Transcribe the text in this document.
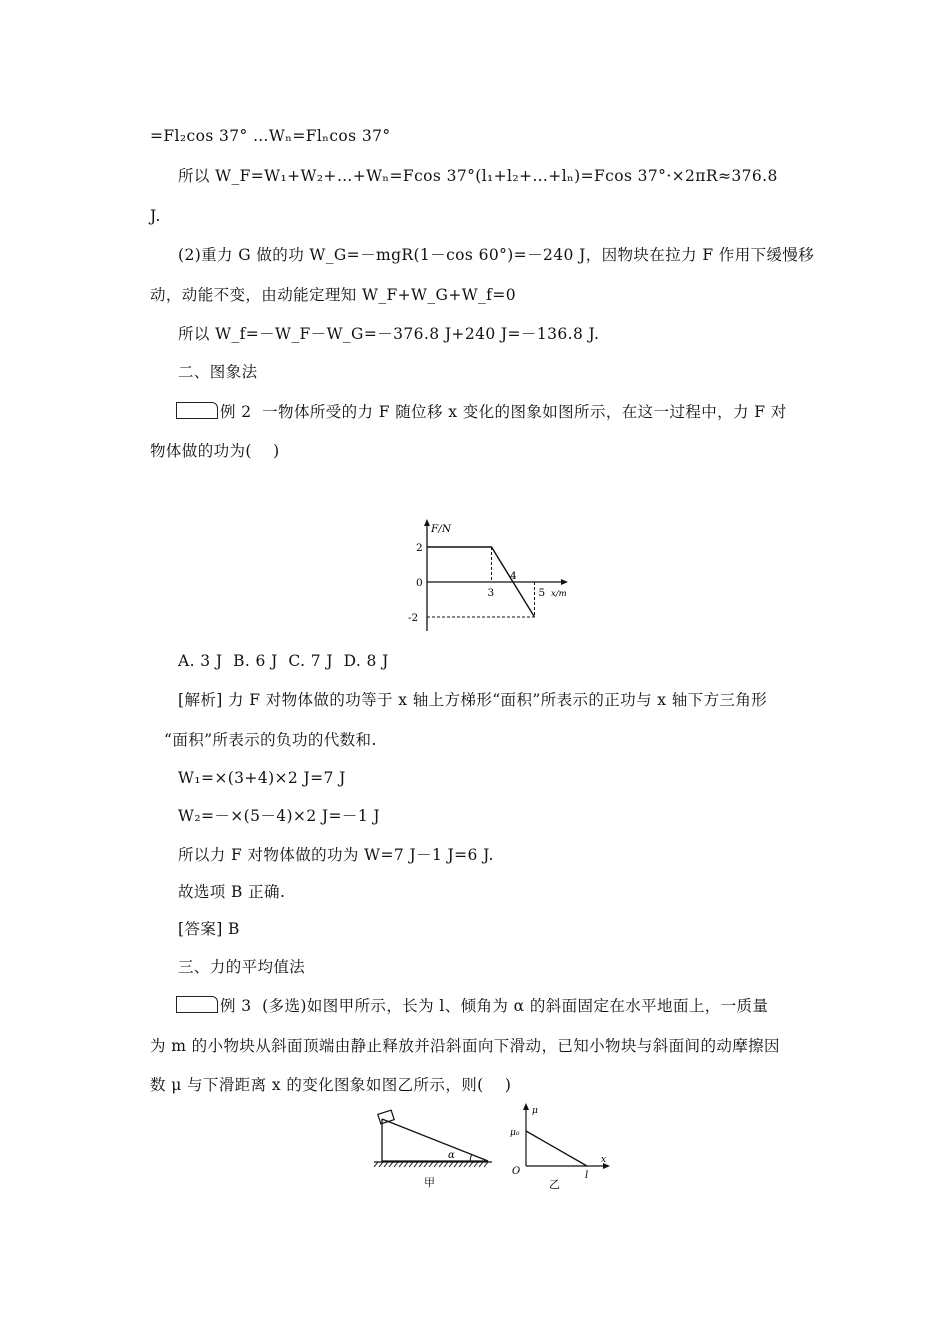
=Fl₂cos 37° …Wₙ=Flₙcos 37°
所以 W_F=W₁+W₂+…+Wₙ=Fcos 37°(l₁+l₂+…+lₙ)=Fcos 37°·×2πR≈376.8
J.
(2)重力 G 做的功 W_G=－mgR(1－cos 60°)=－240 J，因物块在拉力 F 作用下缓慢移
动，动能不变，由动能定理知 W_F+W_G+W_f=0
所以 W_f=－W_F－W_G=－376.8 J+240 J=－136.8 J.
二、图象法
例 2  一物体所受的力 F 随位移 x 变化的图象如图所示，在这一过程中，力 F 对
物体做的功为(    )
F/N
x/m
3
4
5
2
0
-2
A. 3 J  B. 6 J  C. 7 J  D. 8 J
[解析] 力 F 对物体做的功等于 x 轴上方梯形“面积”所表示的正功与 x 轴下方三角形
“面积”所表示的负功的代数和.
W₁=×(3+4)×2 J=7 J
W₂=－×(5－4)×2 J=－1 J
所以力 F 对物体做的功为 W=7 J－1 J=6 J.
故选项 B 正确.
[答案] B
三、力的平均值法
例 3  (多选)如图甲所示，长为 l、倾角为 α 的斜面固定在水平地面上，一质量
为 m 的小物块从斜面顶端由静止释放并沿斜面向下滑动，已知小物块与斜面间的动摩擦因
数 μ 与下滑距离 x 的变化图象如图乙所示，则(    )
α
甲
μ
μ₀
O
x
l
乙
